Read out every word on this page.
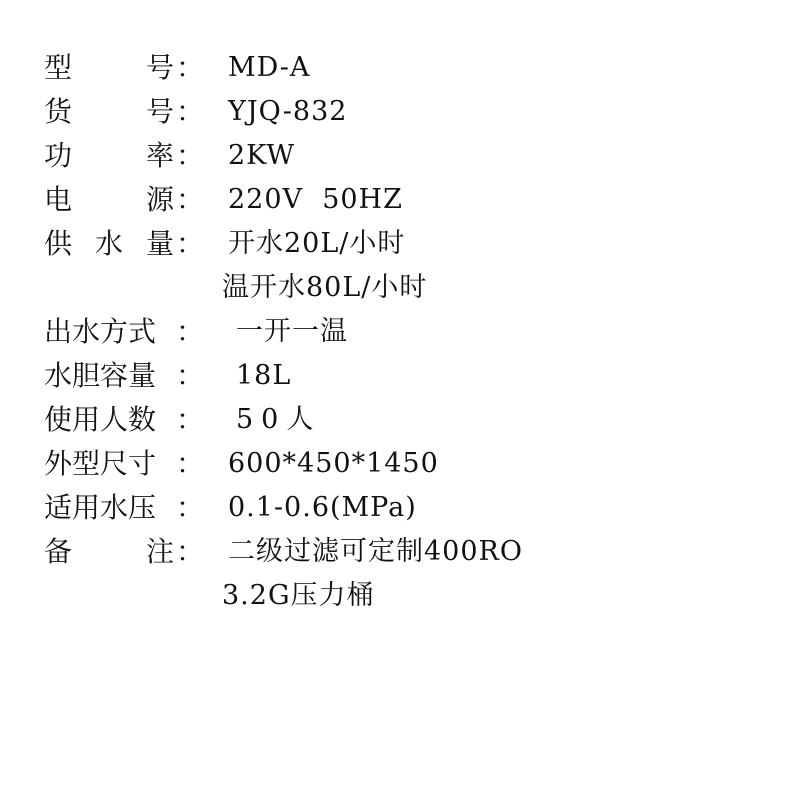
型	号 ： MD-A
货	号 ： YJQ-832
功	率 ： 2KW
电	源 ： 220V  50HZ
供 水 量 ： 开水20L/小时
温开水80L/小时
出水方式 ： 一开一温
水胆容量 ： 18L
使用人数 ： 50人
外型尺寸 ： 600*450*1450
适用水压 ： 0.1-0.6(MPa)
备	注 ： 二级过滤可定制400RO
3.2G压力桶
